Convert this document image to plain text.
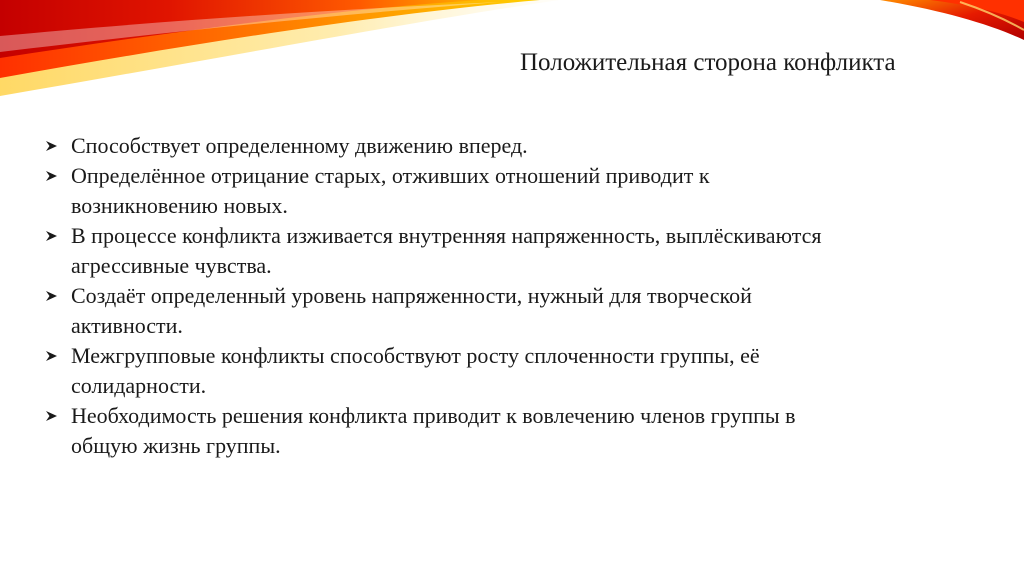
Положительная сторона конфликта
Способствует определенному движению вперед.
Определённое отрицание старых, отживших отношений приводит к
возникновению новых.
В процессе конфликта изживается внутренняя напряженность, выплёскиваются
агрессивные чувства.
Создаёт определенный уровень напряженности, нужный для творческой
активности.
Межгрупповые конфликты способствуют росту сплоченности группы, её
солидарности.
Необходимость решения конфликта приводит к вовлечению членов группы в
общую жизнь группы.
